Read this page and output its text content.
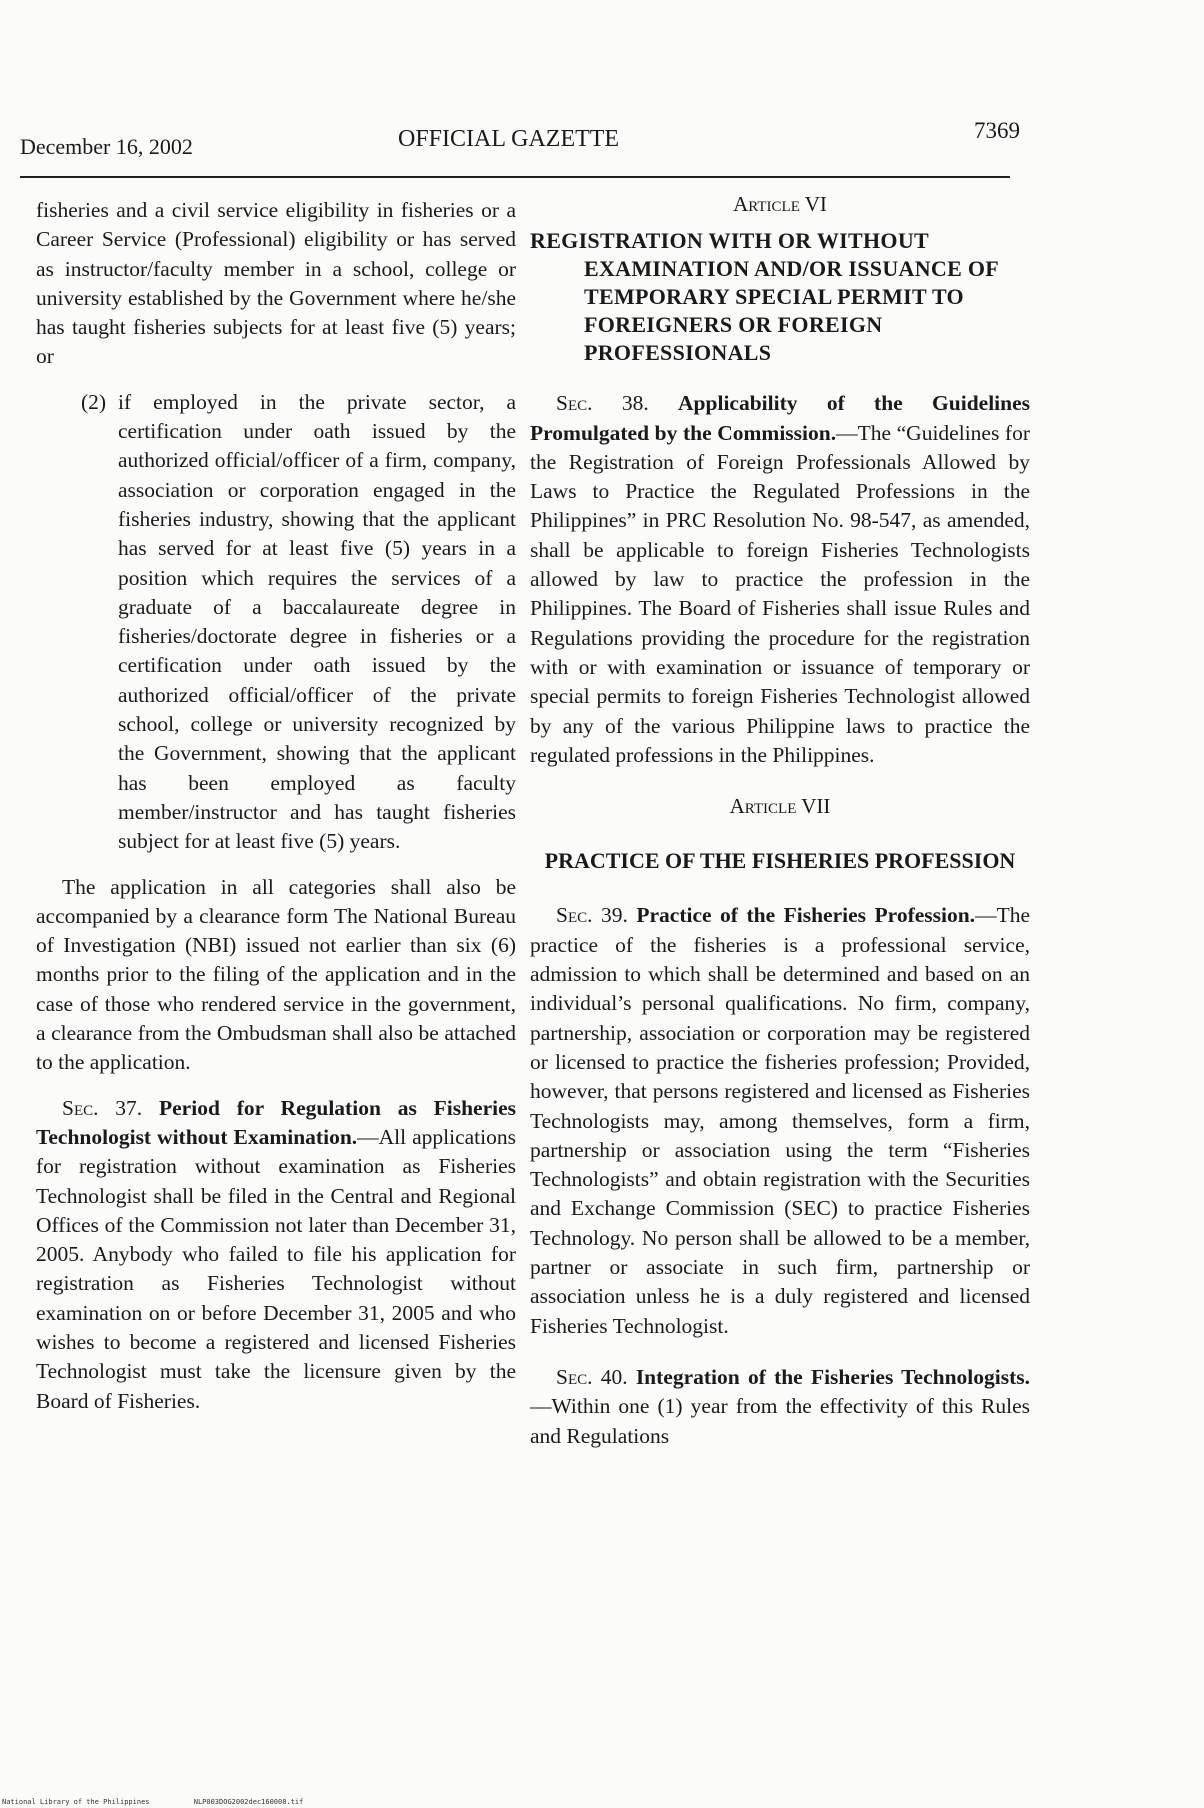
December 16, 2002	OFFICIAL GAZETTE	7369

fisheries and a civil service eligibility in fisheries or a Career Service (Professional) eligibility or has served as instructor/faculty member in a school, college or university established by the Government where he/she has taught fisheries subjects for at least five (5) years; or

(2) if employed in the private sector, a certification under oath issued by the authorized official/officer of a firm, company, association or corporation engaged in the fisheries industry, showing that the applicant has served for at least five (5) years in a position which requires the services of a graduate of a baccalaureate degree in fisheries/doctorate degree in fisheries or a certification under oath issued by the authorized official/officer of the private school, college or university recognized by the Government, showing that the applicant has been employed as faculty member/instructor and has taught fisheries subject for at least five (5) years.

The application in all categories shall also be accompanied by a clearance form The National Bureau of Investigation (NBI) issued not earlier than six (6) months prior to the filing of the application and in the case of those who rendered service in the government, a clearance from the Ombudsman shall also be attached to the application.

Sec. 37. Period for Regulation as Fisheries Technologist without Examination.—All applications for registration without examination as Fisheries Technologist shall be filed in the Central and Regional Offices of the Commission not later than December 31, 2005. Anybody who failed to file his application for registration as Fisheries Technologist without examination on or before December 31, 2005 and who wishes to become a registered and licensed Fisheries Technologist must take the licensure given by the Board of Fisheries.

Article VI

REGISTRATION WITH OR WITHOUT
EXAMINATION AND/OR ISSUANCE OF TEMPORARY SPECIAL PERMIT TO FOREIGNERS OR FOREIGN PROFESSIONALS

Sec. 38. Applicability of the Guidelines Promulgated by the Commission.—The “Guidelines for the Registration of Foreign Professionals Allowed by Laws to Practice the Regulated Professions in the Philippines” in PRC Resolution No. 98-547, as amended, shall be applicable to foreign Fisheries Technologists allowed by law to practice the profession in the Philippines. The Board of Fisheries shall issue Rules and Regulations providing the procedure for the registration with or with examination or issuance of temporary or special permits to foreign Fisheries Technologist allowed by any of the various Philippine laws to practice the regulated professions in the Philippines.

Article VII

PRACTICE OF THE FISHERIES PROFESSION

Sec. 39. Practice of the Fisheries Profession.—The practice of the fisheries is a professional service, admission to which shall be determined and based on an individual’s personal qualifications. No firm, company, partnership, association or corporation may be registered or licensed to practice the fisheries profession; Provided, however, that persons registered and licensed as Fisheries Technologists may, among themselves, form a firm, partnership or association using the term “Fisheries Technologists” and obtain registration with the Securities and Exchange Commission (SEC) to practice Fisheries Technology. No person shall be allowed to be a member, partner or associate in such firm, partnership or association unless he is a duly registered and licensed Fisheries Technologist.

Sec. 40. Integration of the Fisheries Technologists.—Within one (1) year from the effectivity of this Rules and Regulations

National Library of the Philippines	NLP003DOG2002dec160008.tif
